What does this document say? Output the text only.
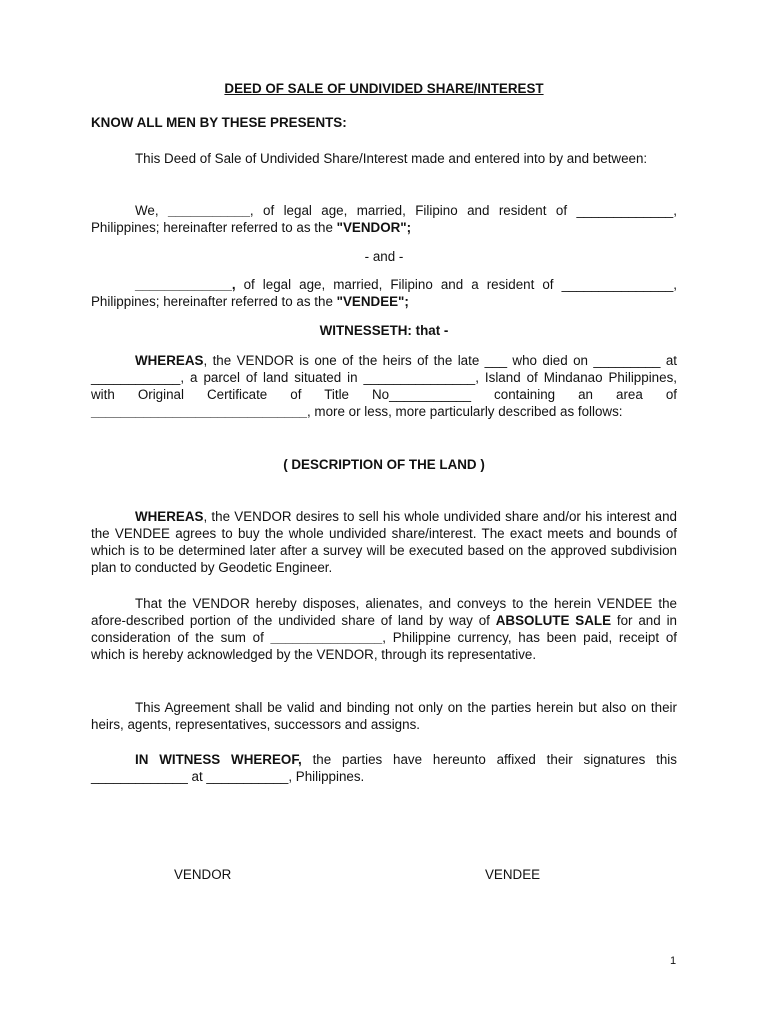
DEED OF SALE OF UNDIVIDED SHARE/INTEREST
KNOW ALL MEN BY THESE PRESENTS:
This Deed of Sale of Undivided Share/Interest made and entered into by and between:
We, ___________, of legal age, married, Filipino and resident of _____________, Philippines; hereinafter referred to as the "VENDOR";
- and -
_____________, of legal age, married, Filipino and a resident of _______________, Philippines; hereinafter referred to as the "VENDEE";
WITNESSETH: that -
WHEREAS, the VENDOR is one of the heirs of the late ___ who died on _________ at ____________, a parcel of land situated in _______________, Island of Mindanao Philippines, with Original Certificate of Title No___________ containing an area of _____________________________, more or less, more particularly described as follows:
( DESCRIPTION OF THE LAND )
WHEREAS, the VENDOR desires to sell his whole undivided share and/or his interest and the VENDEE agrees to buy the whole undivided share/interest. The exact meets and bounds of which is to be determined later after a survey will be executed based on the approved subdivision plan to conducted by Geodetic Engineer.
That the VENDOR hereby disposes, alienates, and conveys to the herein VENDEE the afore-described portion of the undivided share of land by way of ABSOLUTE SALE for and in consideration of the sum of _______________, Philippine currency, has been paid, receipt of which is hereby acknowledged by the VENDOR, through its representative.
This Agreement shall be valid and binding not only on the parties herein but also on their heirs, agents, representatives, successors and assigns.
IN WITNESS WHEREOF, the parties have hereunto affixed their signatures this _____________ at ___________, Philippines.
VENDOR	VENDEE
1
